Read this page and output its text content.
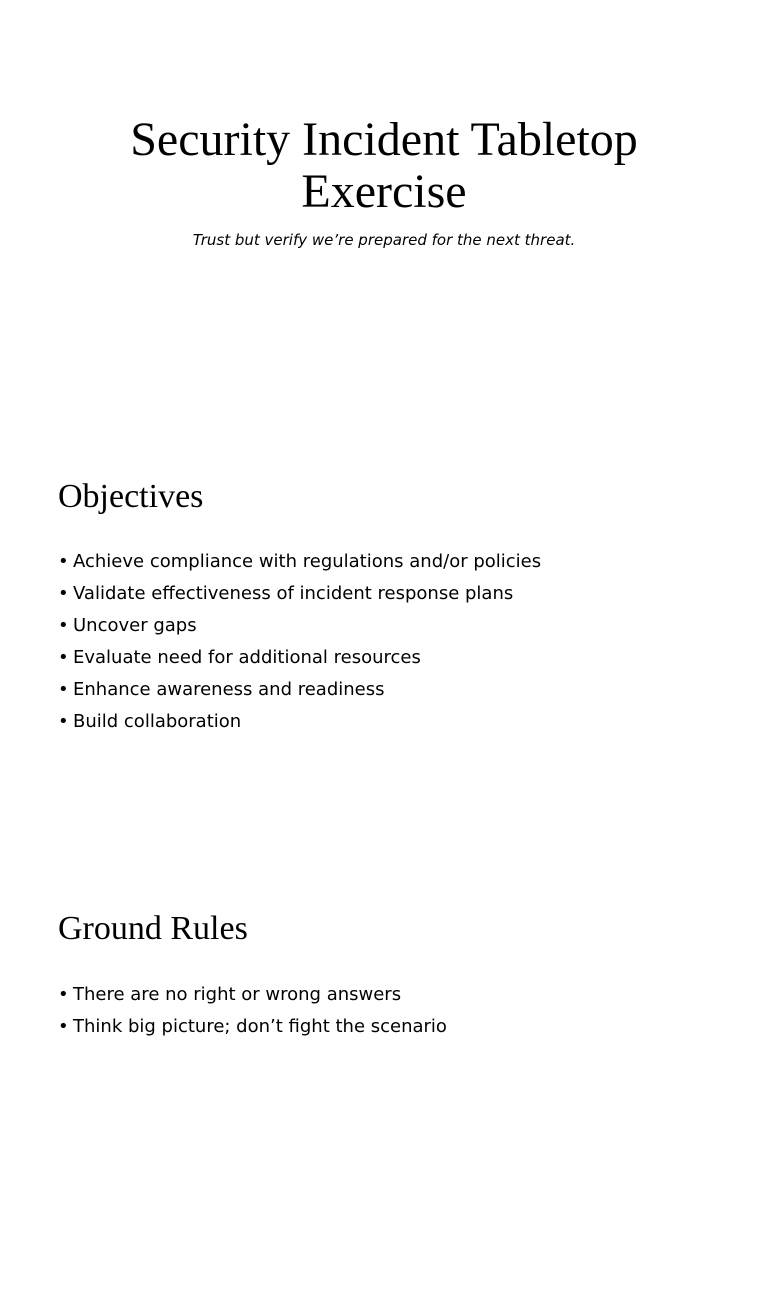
Security Incident Tabletop
Exercise

Trust but verify we’re prepared for the next threat.

Objectives
• Achieve compliance with regulations and/or policies
• Validate effectiveness of incident response plans
• Uncover gaps
• Evaluate need for additional resources
• Enhance awareness and readiness
• Build collaboration
Ground Rules
• There are no right or wrong answers
• Think big picture; don’t fight the scenario
